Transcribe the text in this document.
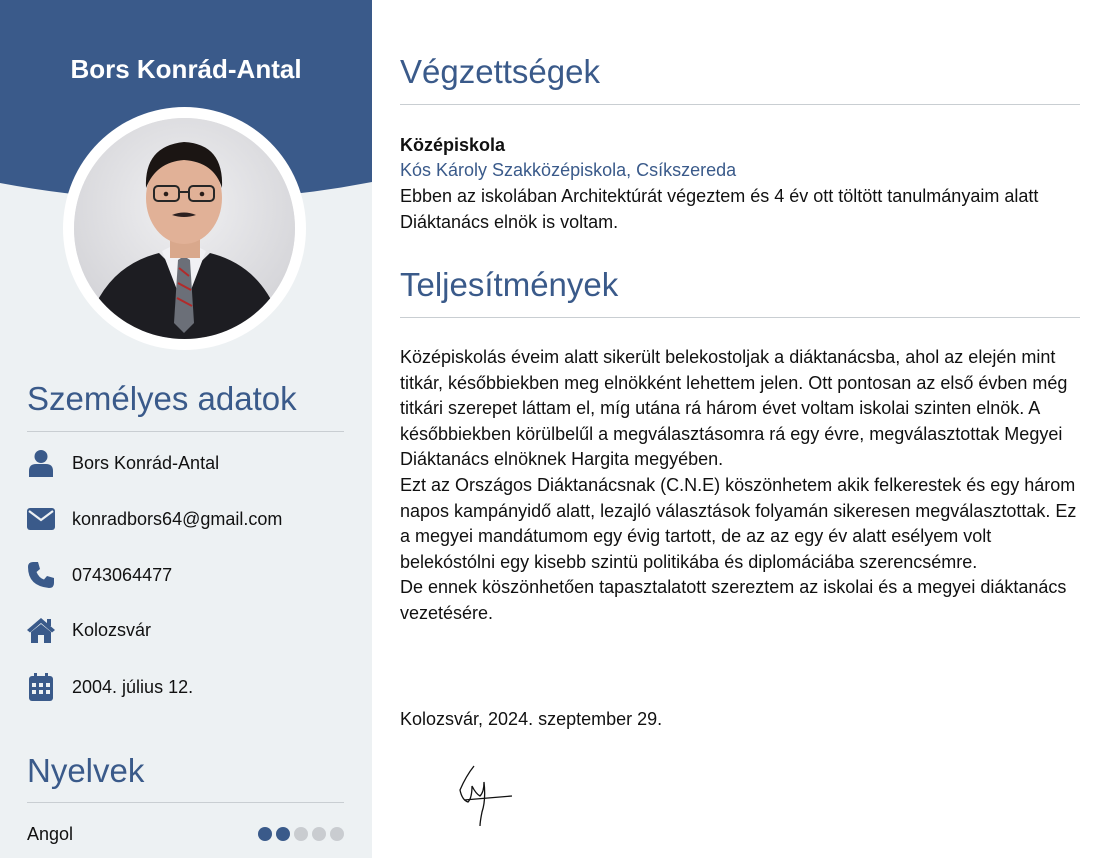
Bors Konrád-Antal
Személyes adatok
Bors Konrád-Antal
konradbors64@gmail.com
0743064477
Kolozsvár
2004. július 12.
Nyelvek
Angol
Végzettségek
Középiskola
Kós Károly Szakközépiskola, Csíkszereda

Ebben az iskolában Architektúrát végeztem és 4 év ott töltött tanulmányaim alatt Diáktanács elnök is voltam.

Teljesítmények
Középiskolás éveim alatt sikerült belekostoljak a diáktanácsba, ahol az elején mint titkár, későbbiekben meg elnökként lehettem jelen. Ott pontosan az első évben még titkári szerepet láttam el, míg utána rá három évet voltam iskolai szinten elnök. A későbbiekben körülbelűl a megválasztásomra rá egy évre, megválasztottak Megyei Diáktanács elnöknek Hargita megyében.
Ezt az Országos Diáktanácsnak (C.N.E) köszönhetem akik felkerestek és egy három napos kampányidő alatt, lezajló választások folyamán sikeresen megválasztottak. Ez a megyei mandátumom egy évig tartott, de az az egy év alatt esélyem volt belekóstólni egy kisebb szintü politikába és diplomáciába szerencsémre.
De ennek köszönhetően tapasztalatott szereztem az iskolai és a megyei diáktanács vezetésére.
Kolozsvár, 2024. szeptember 29.
